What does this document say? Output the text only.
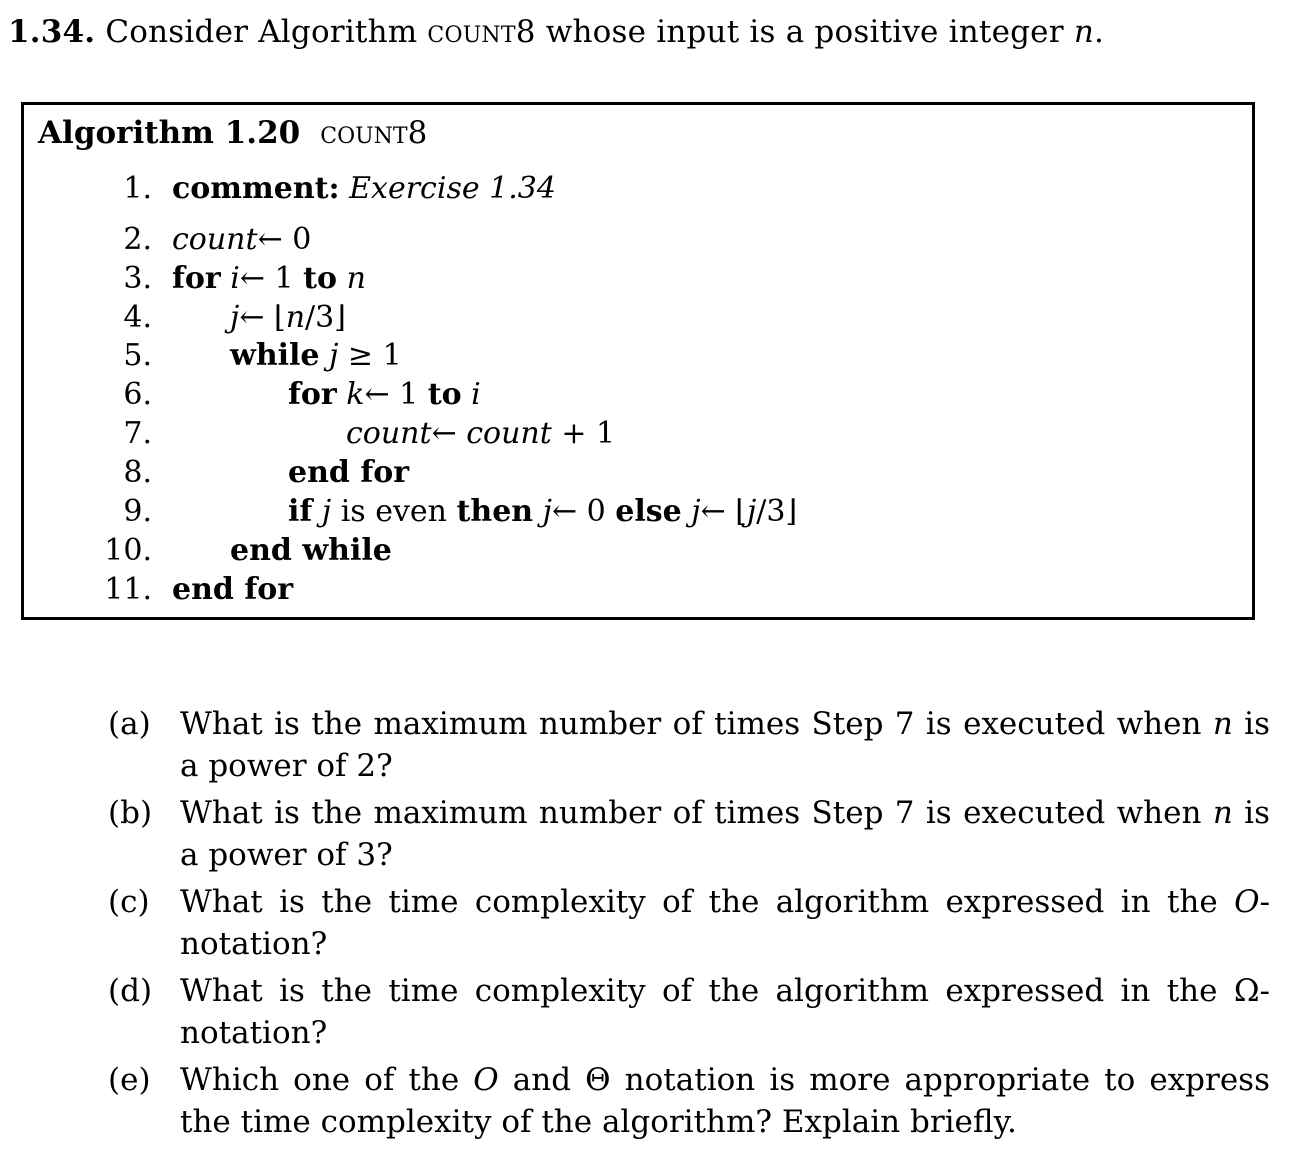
1.34. Consider Algorithm count8 whose input is a positive integer n.
Algorithm 1.20 count8
1. comment: Exercise 1.34
2. count← 0
3. for i← 1 to n
4.	j← ⌊n/3⌋
5.	while j ≥ 1
6.	for k← 1 to i
7.	count← count + 1
8.	end for
9.	if j is even then j← 0 else j← ⌊j/3⌋
10.	end while
11. end for
(a) What is the maximum number of times Step 7 is executed when n is a power of 2?
(b) What is the maximum number of times Step 7 is executed when n is a power of 3?
(c) What is the time complexity of the algorithm expressed in the O-notation?
(d) What is the time complexity of the algorithm expressed in the Ω-notation?
(e) Which one of the O and Θ notation is more appropriate to express the time complexity of the algorithm? Explain briefly.
